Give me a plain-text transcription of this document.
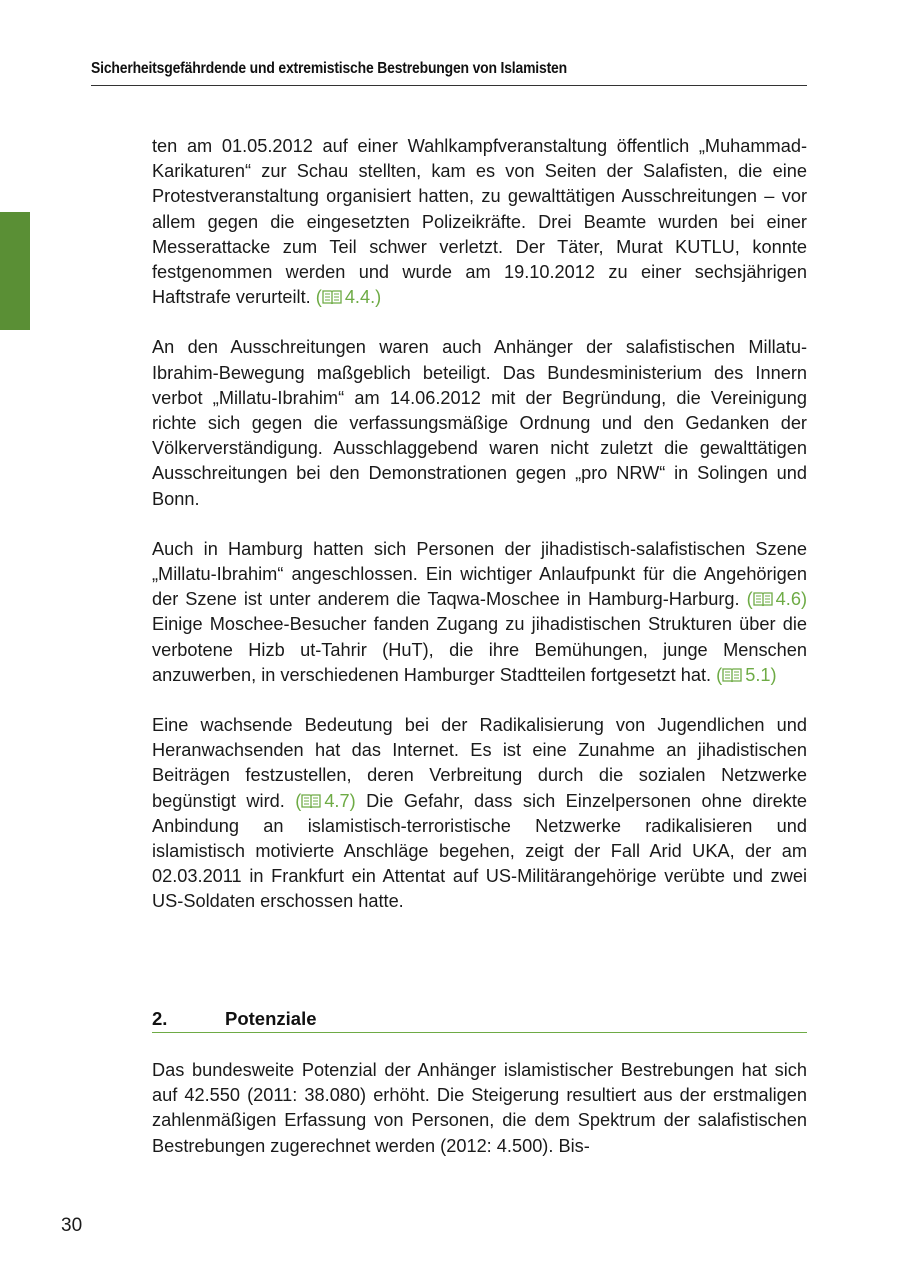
Sicherheitsgefährdende und extremistische Bestrebungen von Islamisten

ten am 01.05.2012 auf einer Wahlkampfveranstaltung öffentlich „Muhammad-Karikaturen“ zur Schau stellten, kam es von Seiten der Salafisten, die eine Protestveranstaltung organisiert hatten, zu gewalttätigen Ausschreitungen – vor allem gegen die eingesetzten Polizeikräfte. Drei Beamte wurden bei einer Messerattacke zum Teil schwer verletzt. Der Täter, Murat KUTLU, konnte festgenommen werden und wurde am 19.10.2012 zu einer sechsjährigen Haftstrafe verurteilt. ( 4.4.)

An den Ausschreitungen waren auch Anhänger der salafistischen Millatu-Ibrahim-Bewegung maßgeblich beteiligt. Das Bundesministerium des Innern verbot „Millatu-Ibrahim“ am 14.06.2012 mit der Begründung, die Vereinigung richte sich gegen die verfassungsmäßige Ordnung und den Gedanken der Völkerverständigung. Ausschlaggebend waren nicht zuletzt die gewalttätigen Ausschreitungen bei den Demonstrationen gegen „pro NRW“ in Solingen und Bonn.

Auch in Hamburg hatten sich Personen der jihadistisch-salafistischen Szene „Millatu-Ibrahim“ angeschlossen. Ein wichtiger Anlaufpunkt für die Angehörigen der Szene ist unter anderem die Taqwa-Moschee in Hamburg-Harburg. ( 4.6) Einige Moschee-Besucher fanden Zugang zu jihadistischen Strukturen über die verbotene Hizb ut-Tahrir (HuT), die ihre Bemühungen, junge Menschen anzuwerben, in verschiedenen Hamburger Stadtteilen fortgesetzt hat. ( 5.1)

Eine wachsende Bedeutung bei der Radikalisierung von Jugendlichen und Heranwachsenden hat das Internet. Es ist eine Zunahme an jihadistischen Beiträgen festzustellen, deren Verbreitung durch die sozialen Netzwerke begünstigt wird. ( 4.7) Die Gefahr, dass sich Einzelpersonen ohne direkte Anbindung an islamistisch-terroristische Netzwerke radikalisieren und islamistisch motivierte Anschläge begehen, zeigt der Fall Arid UKA, der am 02.03.2011 in Frankfurt ein Attentat auf US-Militärangehörige verübte und zwei US-Soldaten erschossen hatte.

2.	Potenziale

Das bundesweite Potenzial der Anhänger islamistischer Bestrebungen hat sich auf 42.550 (2011: 38.080) erhöht. Die Steigerung resultiert aus der erstmaligen zahlenmäßigen Erfassung von Personen, die dem Spektrum der salafistischen Bestrebungen zugerechnet werden (2012: 4.500). Bis-

30
